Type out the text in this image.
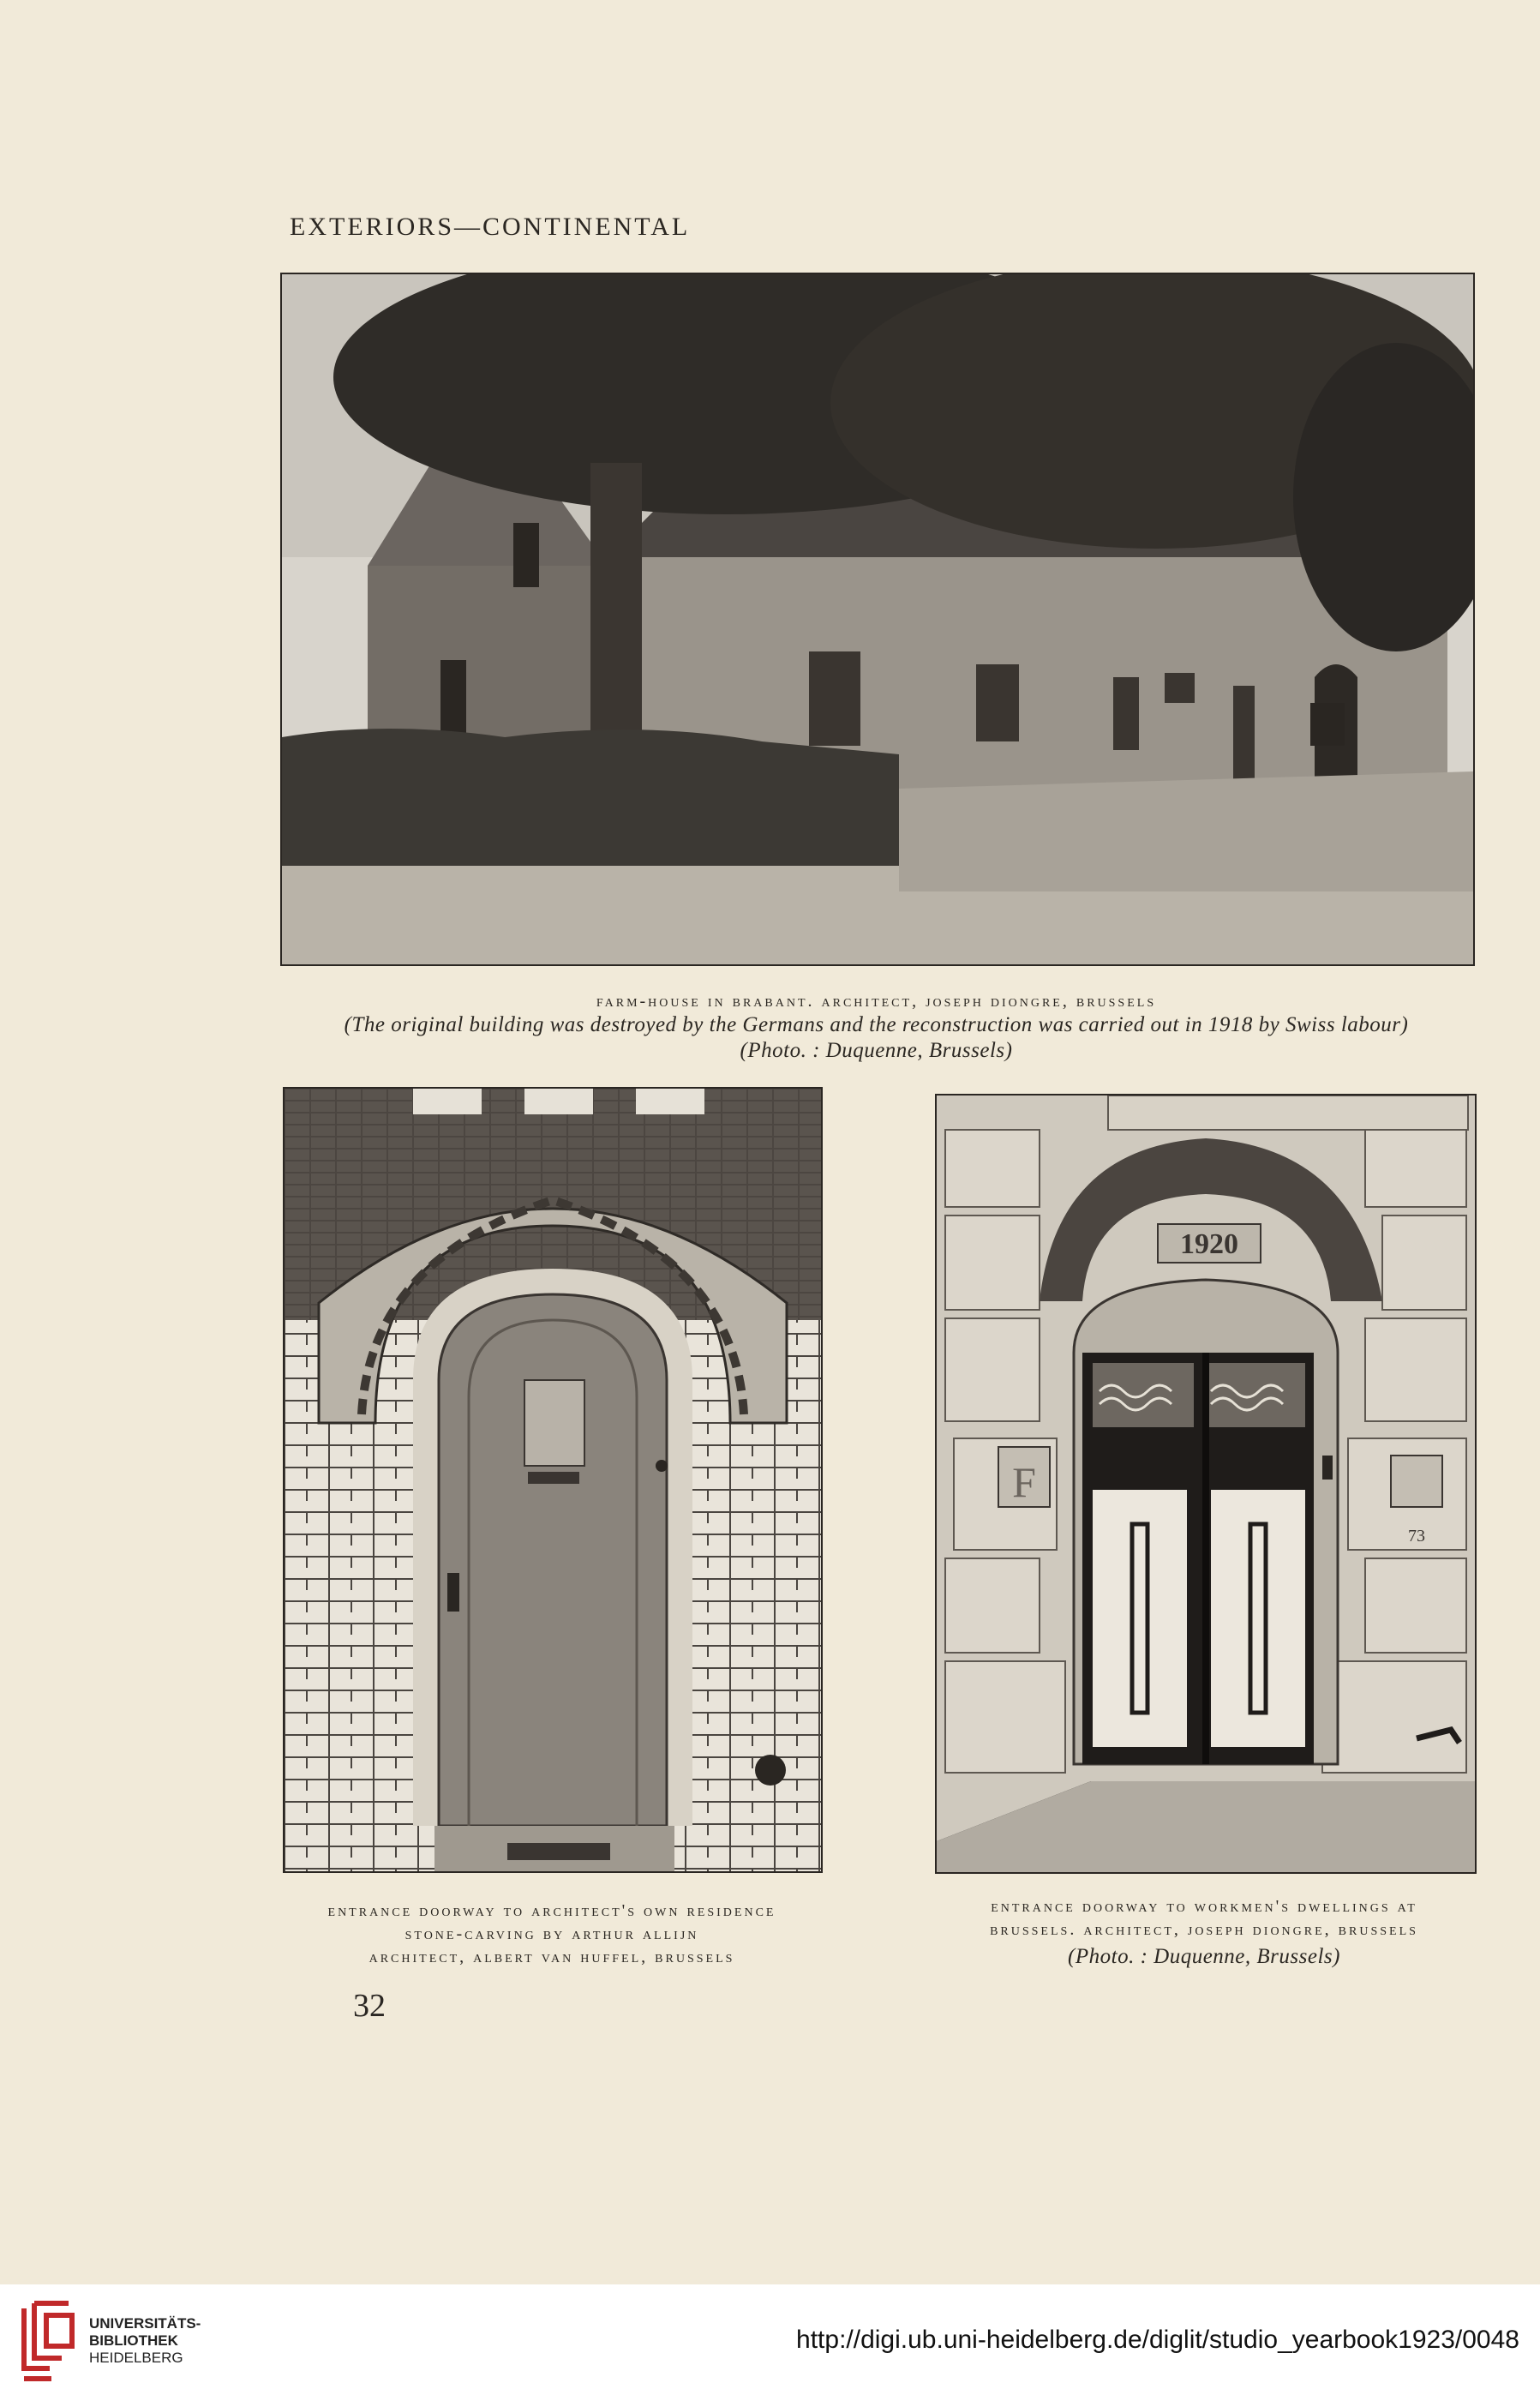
EXTERIORS—CONTINENTAL
farm-house in brabant. architect, joseph diongre, brussels
(The original building was destroyed by the Germans and the reconstruction was carried out in 1918 by Swiss labour)
(Photo. : Duquenne, Brussels)
entrance doorway to architect's own residence
stone-carving by arthur allijn
architect, albert van huffel, brussels
1920
F
73
entrance doorway to workmen's dwellings at
brussels. architect, joseph diongre, brussels
(Photo. : Duquenne, Brussels)
32
UNIVERSITÄTS-
BIBLIOTHEK
HEIDELBERG
http://digi.ub.uni-heidelberg.de/diglit/studio_yearbook1923/0048
